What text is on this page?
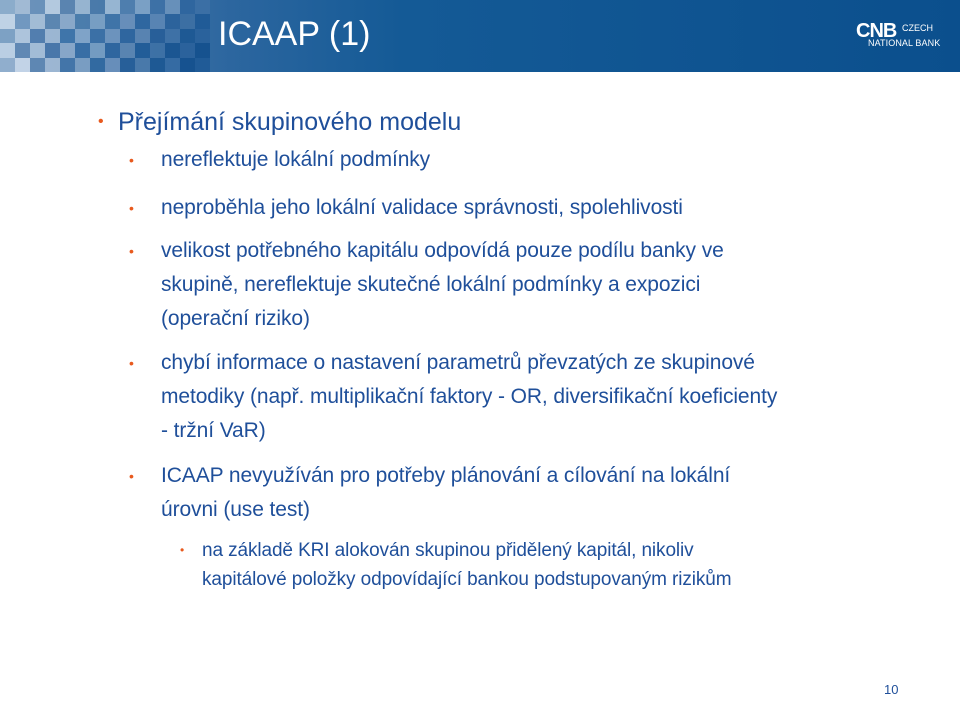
ICAAP (1)	CNB CZECH
NATIONAL BANK
• Přejímání skupinového modelu
• nereflektuje lokální podmínky
• neproběhla jeho lokální validace správnosti, spolehlivosti
• velikost potřebného kapitálu odpovídá pouze podílu banky ve
skupině, nereflektuje skutečné lokální podmínky a expozici
(operační riziko)
• chybí informace o nastavení parametrů převzatých ze skupinové
metodiky (např. multiplikační faktory - OR, diversifikační koeficienty
- tržní VaR)
• ICAAP nevyužíván pro potřeby plánování a cílování na lokální
úrovni (use test)
• na základě KRI alokován skupinou přidělený kapitál, nikoliv
kapitálové položky odpovídající bankou podstupovaným rizikům
10
